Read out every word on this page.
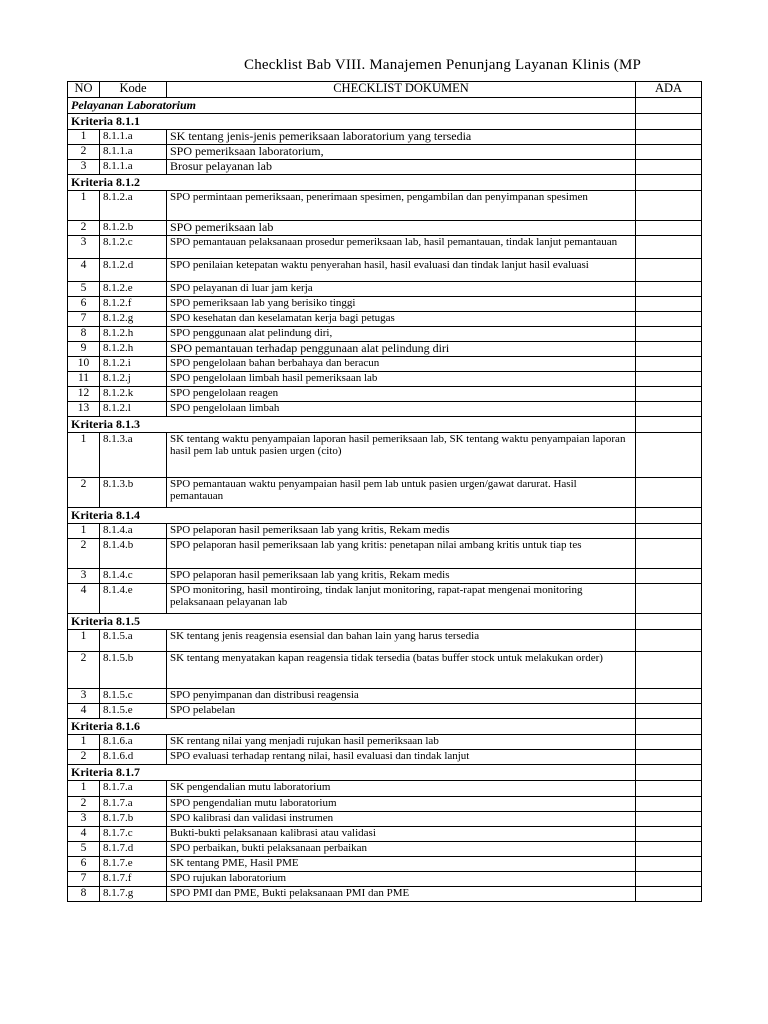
Checklist Bab VIII. Manajemen Penunjang Layanan Klinis (MP
NO	Kode	CHECKLIST DOKUMEN	ADA
Pelayanan Laboratorium			
Kriteria 8.1.1			
1	8.1.1.a	SK tentang jenis-jenis pemeriksaan laboratorium yang tersedia	
2	8.1.1.a	SPO pemeriksaan laboratorium,	
3	8.1.1.a	Brosur pelayanan lab	
Kriteria 8.1.2			
1	8.1.2.a	SPO permintaan pemeriksaan, penerimaan spesimen, pengambilan dan penyimpanan spesimen	
2	8.1.2.b	SPO pemeriksaan lab	
3	8.1.2.c	SPO pemantauan pelaksanaan prosedur pemeriksaan lab, hasil pemantauan, tindak lanjut pemantauan	
4	8.1.2.d	SPO penilaian ketepatan waktu penyerahan hasil, hasil evaluasi dan tindak lanjut hasil evaluasi	
5	8.1.2.e	SPO pelayanan di luar jam kerja	
6	8.1.2.f	SPO pemeriksaan lab yang berisiko tinggi	
7	8.1.2.g	SPO kesehatan dan keselamatan kerja bagi petugas	
8	8.1.2.h	SPO penggunaan alat pelindung diri,	
9	8.1.2.h	SPO pemantauan terhadap penggunaan alat pelindung diri	
10	8.1.2.i	SPO pengelolaan bahan berbahaya dan beracun	
11	8.1.2.j	SPO pengelolaan limbah hasil pemeriksaan lab	
12	8.1.2.k	SPO pengelolaan reagen	
13	8.1.2.l	SPO pengelolaan limbah	
Kriteria 8.1.3			
1	8.1.3.a	SK tentang waktu penyampaian laporan hasil pemeriksaan lab, SK tentang waktu penyampaian laporan hasil pem lab untuk pasien urgen (cito)	
2	8.1.3.b	SPO pemantauan waktu penyampaian hasil pem lab untuk pasien urgen/gawat darurat. Hasil pemantauan	
Kriteria 8.1.4			
1	8.1.4.a	SPO pelaporan hasil pemeriksaan lab yang kritis, Rekam medis	
2	8.1.4.b	SPO pelaporan hasil pemeriksaan lab yang kritis: penetapan nilai ambang kritis untuk tiap tes	
3	8.1.4.c	SPO pelaporan hasil pemeriksaan lab yang kritis, Rekam medis	
4	8.1.4.e	SPO monitoring, hasil montiroing, tindak lanjut monitoring, rapat-rapat mengenai monitoring pelaksanaan pelayanan lab	
Kriteria 8.1.5			
1	8.1.5.a	SK tentang jenis reagensia esensial dan bahan lain yang harus tersedia	
2	8.1.5.b	SK tentang menyatakan kapan reagensia tidak tersedia (batas buffer stock untuk melakukan order)	
3	8.1.5.c	SPO penyimpanan dan distribusi reagensia	
4	8.1.5.e	SPO pelabelan	
Kriteria 8.1.6			
1	8.1.6.a	SK rentang nilai yang menjadi rujukan hasil pemeriksaan lab	
2	8.1.6.d	SPO evaluasi terhadap rentang nilai, hasil evaluasi dan tindak lanjut	
Kriteria 8.1.7			
1	8.1.7.a	SK pengendalian mutu laboratorium	
2	8.1.7.a	SPO pengendalian mutu laboratorium	
3	8.1.7.b	SPO kalibrasi dan validasi instrumen	
4	8.1.7.c	Bukti-bukti pelaksanaan kalibrasi atau validasi	
5	8.1.7.d	SPO perbaikan, bukti pelaksanaan perbaikan	
6	8.1.7.e	SK tentang PME, Hasil PME	
7	8.1.7.f	SPO rujukan laboratorium	
8	8.1.7.g	SPO PMI dan PME, Bukti pelaksanaan PMI dan PME	
